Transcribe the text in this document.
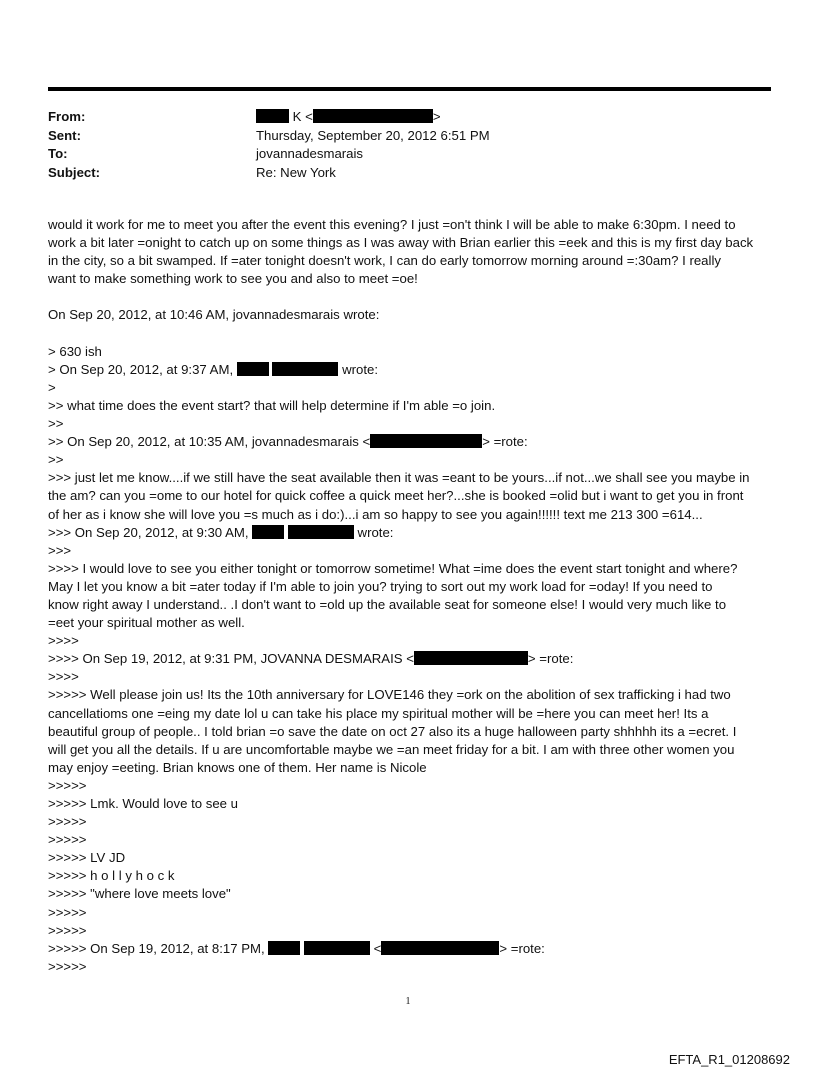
From:	K <	>
Sent:	Thursday, September 20, 2012 6:51 PM
To:	jovannadesmarais
Subject:	Re: New York
would it work for me to meet you after the event this evening? I just =on't think I will be able to make 6:30pm. I need to
work a bit later =onight to catch up on some things as I was away with Brian earlier this =eek and this is my first day back
in the city, so a bit swamped. If =ater tonight doesn't work, I can do early tomorrow morning around =:30am? I really
want to make something work to see you and also to meet =oe!
On Sep 20, 2012, at 10:46 AM, jovannadesmarais wrote:
> 630 ish
> On Sep 20, 2012, at 9:37 AM,	wrote:
>
>> what time does the event start? that will help determine if I'm able =o join.
>>
>> On Sep 20, 2012, at 10:35 AM, jovannadesmarais <	> =rote:
>>
>>> just let me know....if we still have the seat available then it was =eant to be yours...if not...we shall see you maybe in
the am? can you =ome to our hotel for quick coffee a quick meet her?...she is booked =olid but i want to get you in front
of her as i know she will love you =s much as i do:)...i am so happy to see you again!!!!!! text me 213 300 =614...
>>> On Sep 20, 2012, at 9:30 AM,	wrote:
>>>
>>>> I would love to see you either tonight or tomorrow sometime! What =ime does the event start tonight and where?
May I let you know a bit =ater today if I'm able to join you? trying to sort out my work load for =oday! If you need to
know right away I understand.. .I don't want to =old up the available seat for someone else! I would very much like to
=eet your spiritual mother as well.
>>>>
>>>> On Sep 19, 2012, at 9:31 PM, JOVANNA DESMARAIS <	> =rote:
>>>>
>>>>> Well please join us! Its the 10th anniversary for LOVE146 they =ork on the abolition of sex trafficking i had two
cancellatioms one =eing my date lol u can take his place my spiritual mother will be =here you can meet her! Its a
beautiful group of people.. I told brian =o save the date on oct 27 also its a huge halloween party shhhhh its a =ecret. I
will get you all the details. If u are uncomfortable maybe we =an meet friday for a bit. I am with three other women you
may enjoy =eeting. Brian knows one of them. Her name is Nicole
>>>>>
>>>>> Lmk. Would love to see u
>>>>>
>>>>>
>>>>> LV JD
>>>>> h o l l y h o c k
>>>>> "where love meets love"
>>>>>
>>>>>
>>>>> On Sep 19, 2012, at 8:17 PM,	<	> =rote:
>>>>>
1
EFTA_R1_01208692
